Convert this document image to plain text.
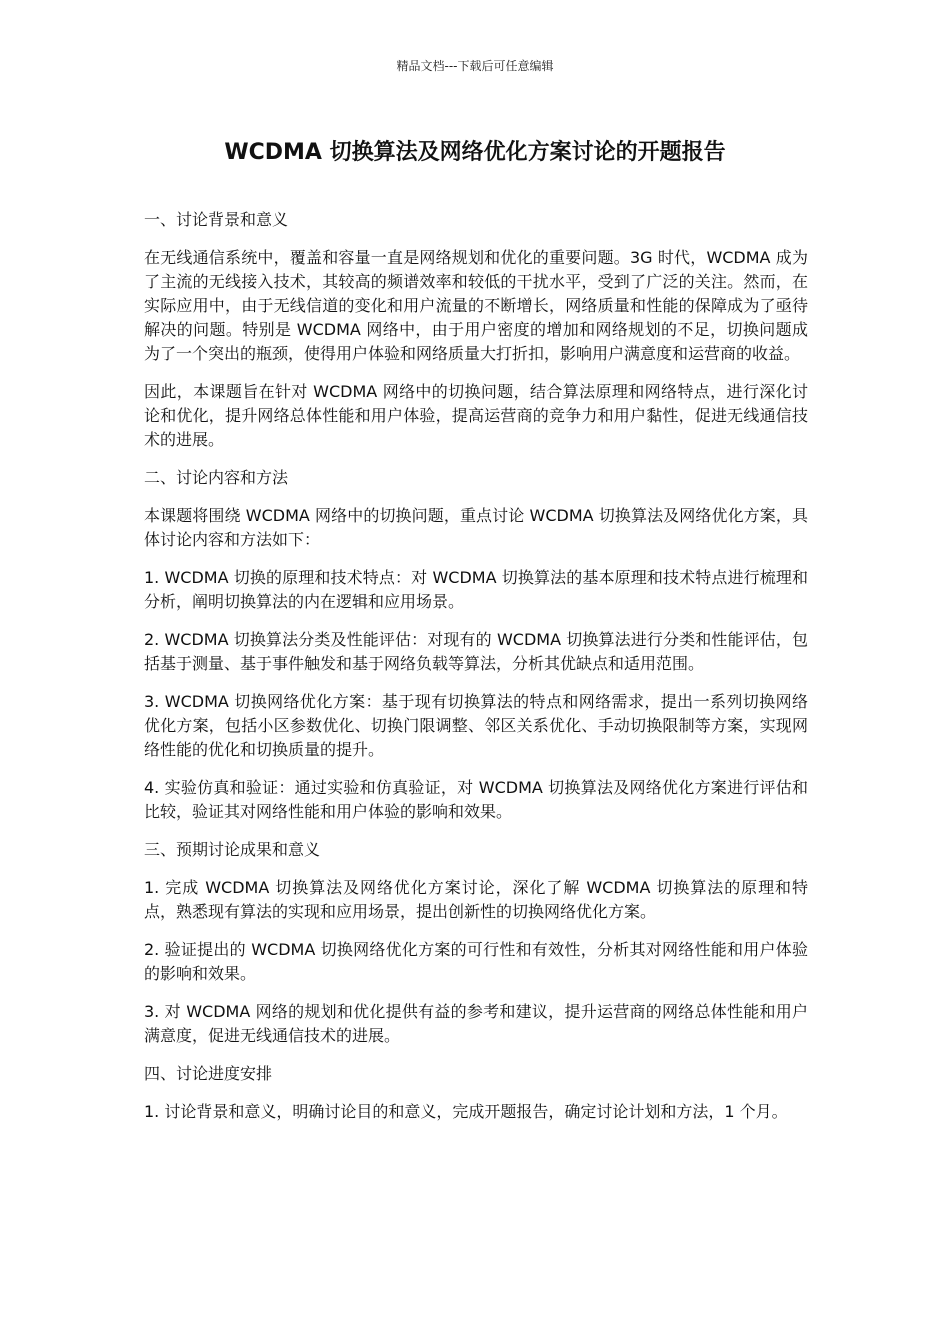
精品文档---下载后可任意编辑
WCDMA 切换算法及网络优化方案讨论的开题报告

一、讨论背景和意义

在无线通信系统中，覆盖和容量一直是网络规划和优化的重要问题。3G 时代，WCDMA 成为了主流的无线接入技术，其较高的频谱效率和较低的干扰水平，受到了广泛的关注。然而，在实际应用中，由于无线信道的变化和用户流量的不断增长，网络质量和性能的保障成为了亟待解决的问题。特别是 WCDMA 网络中，由于用户密度的增加和网络规划的不足，切换问题成为了一个突出的瓶颈，使得用户体验和网络质量大打折扣，影响用户满意度和运营商的收益。

因此，本课题旨在针对 WCDMA 网络中的切换问题，结合算法原理和网络特点，进行深化讨论和优化，提升网络总体性能和用户体验，提高运营商的竞争力和用户黏性，促进无线通信技术的进展。

二、讨论内容和方法

本课题将围绕 WCDMA 网络中的切换问题，重点讨论 WCDMA 切换算法及网络优化方案，具体讨论内容和方法如下：

1. WCDMA 切换的原理和技术特点：对 WCDMA 切换算法的基本原理和技术特点进行梳理和分析，阐明切换算法的内在逻辑和应用场景。

2. WCDMA 切换算法分类及性能评估：对现有的 WCDMA 切换算法进行分类和性能评估，包括基于测量、基于事件触发和基于网络负载等算法，分析其优缺点和适用范围。

3. WCDMA 切换网络优化方案：基于现有切换算法的特点和网络需求，提出一系列切换网络优化方案，包括小区参数优化、切换门限调整、邻区关系优化、手动切换限制等方案，实现网络性能的优化和切换质量的提升。

4. 实验仿真和验证：通过实验和仿真验证，对 WCDMA 切换算法及网络优化方案进行评估和比较，验证其对网络性能和用户体验的影响和效果。

三、预期讨论成果和意义

1. 完成 WCDMA 切换算法及网络优化方案讨论，深化了解 WCDMA 切换算法的原理和特点，熟悉现有算法的实现和应用场景，提出创新性的切换网络优化方案。

2. 验证提出的 WCDMA 切换网络优化方案的可行性和有效性，分析其对网络性能和用户体验的影响和效果。

3. 对 WCDMA 网络的规划和优化提供有益的参考和建议，提升运营商的网络总体性能和用户满意度，促进无线通信技术的进展。

四、讨论进度安排

1. 讨论背景和意义，明确讨论目的和意义，完成开题报告，确定讨论计划和方法，1 个月。
